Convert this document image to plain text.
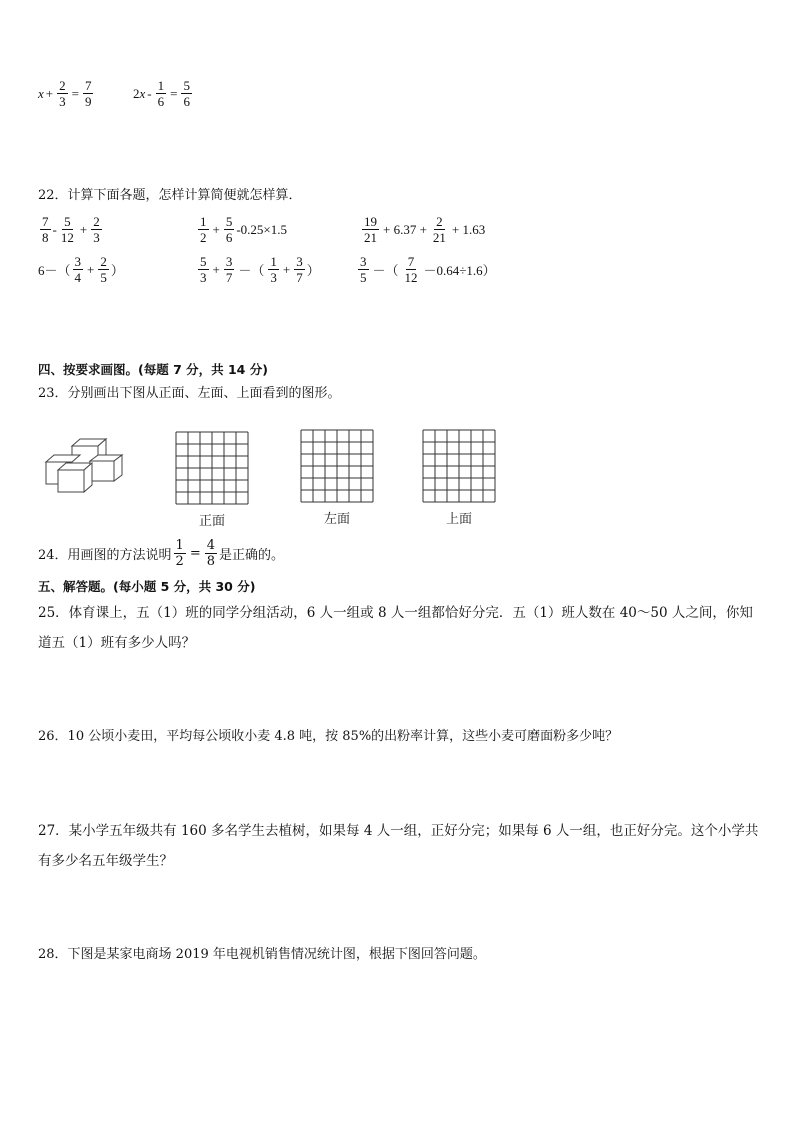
$x + \frac{2}{3} = \frac{7}{9}$	2 $x - \frac{1}{6} = \frac{5}{6}$
22．计算下面各题，怎样计算简便就怎样算．
$\frac{7}{8} - \frac{5}{12} + \frac{2}{3}$	$\frac{1}{2} + \frac{5}{6} -0.25\times 1.5$	$\frac{19}{21} + 6.37 + \frac{2}{21} + 1.63$
$6-( \frac{3}{4} + \frac{2}{5}$ ）	$\frac{5}{3} + \frac{3}{7}$ －（ $\frac{1}{3} + \frac{3}{7}$ ）	$\frac{3}{5}$ －（ $\frac{7}{12} -0.64\div 1.6$）
四、按要求画图。(每题 7 分，共 14 分)
23．分别画出下图从正面、左面、上面看到的图形。
正面	左面	上面
24．用画图的方法说明 $\frac{1}{2} = \frac{4}{8}$ 是正确的。
五、解答题。(每小题 5 分，共 30 分)
25．体育课上，五（1）班的同学分组活动，6 人一组或 8 人一组都恰好分完．五（1）班人数在 40～50 人之间，你知道五（1）班有多少人吗？
26．10 公顷小麦田，平均每公顷收小麦 4.8 吨，按 85%的出粉率计算，这些小麦可磨面粉多少吨？
27．某小学五年级共有 160 多名学生去植树，如果每 4 人一组，正好分完；如果每 6 人一组，也正好分完。这个小学共有多少名五年级学生？
28．下图是某家电商场 2019 年电视机销售情况统计图，根据下图回答问题。
